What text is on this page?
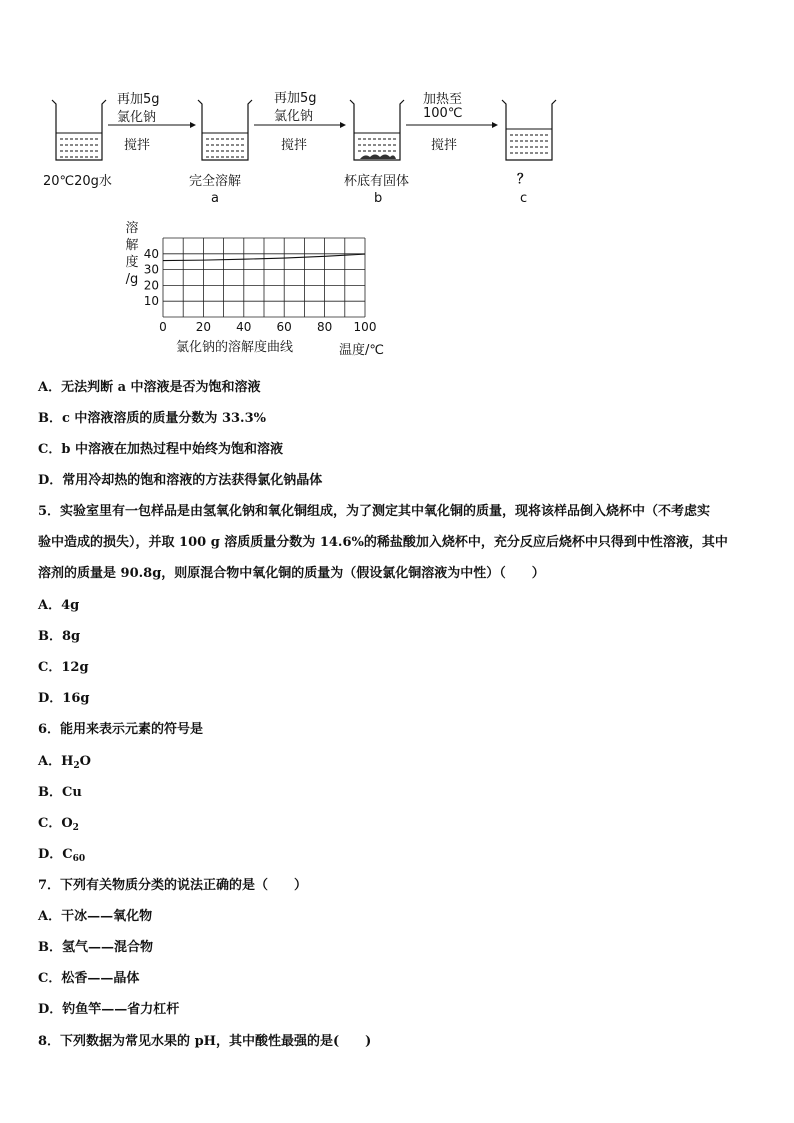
再加5g
氯化钠
搅拌
再加5g
氯化钠
搅拌
加热至
100℃
搅拌
20℃20g水	完全溶解	杯底有固体	？
a	b	c
10
20
30
40
0 20 40 60 80 100
溶
解
度
/g
氯化钠的溶解度曲线	温度/℃
A．无法判断 a 中溶液是否为饱和溶液
B．c 中溶液溶质的质量分数为 33.3%
C．b 中溶液在加热过程中始终为饱和溶液
D．常用冷却热的饱和溶液的方法获得氯化钠晶体
5．实验室里有一包样品是由氢氧化钠和氧化铜组成，为了测定其中氧化铜的质量，现将该样品倒入烧杯中（不考虑实
验中造成的损失），并取 100 g 溶质质量分数为 14.6%的稀盐酸加入烧杯中，充分反应后烧杯中只得到中性溶液，其中
溶剂的质量是 90.8g，则原混合物中氧化铜的质量为（假设氯化铜溶液为中性）（　　）
A．4g
B．8g
C．12g
D．16g
6．能用来表示元素的符号是
A．$H_2O$
B．Cu
C．$O_2$
D．$C_{60}$
7．下列有关物质分类的说法正确的是（　　）
A．干冰——氧化物
B．氢气——混合物
C．松香——晶体
D．钓鱼竿——省力杠杆
8．下列数据为常见水果的 pH，其中酸性最强的是(　　)
